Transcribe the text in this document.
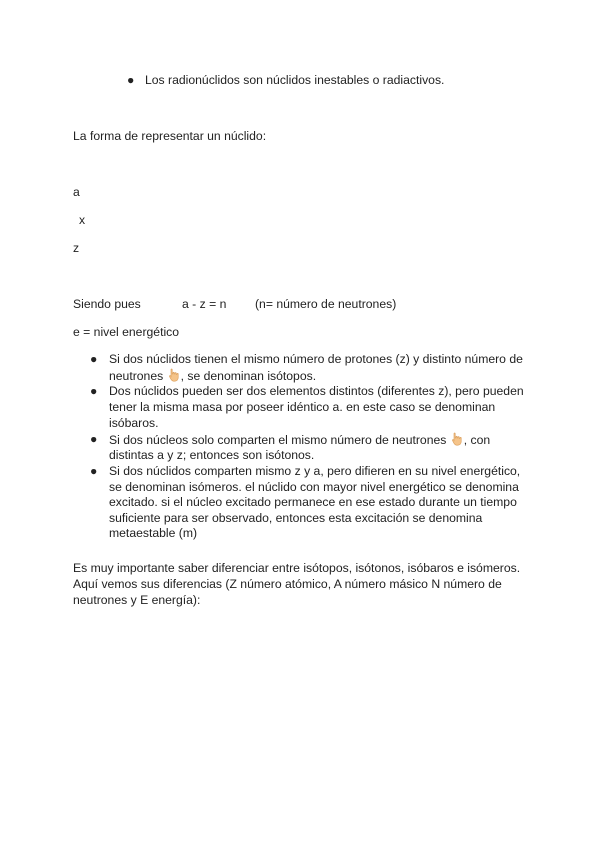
● Los radionúclidos son núclidos inestables o radiactivos.
La forma de representar un núclido:
a
x
z
Siendo pues	a - z = n (n= número de neutrones)
e = nivel energético
● Si dos núclidos tienen el mismo número de protones (z) y distinto número de neutrones , se denominan isótopos.
● Dos núclidos pueden ser dos elementos distintos (diferentes z), pero pueden tener la misma masa por poseer idéntico a. en este caso se denominan isóbaros.
● Si dos núcleos solo comparten el mismo número de neutrones , con distintas a y z; entonces son isótonos.
● Si dos núclidos comparten mismo z y a, pero difieren en su nivel energético, se denominan isómeros. el núclido con mayor nivel energético se denomina excitado. si el núcleo excitado permanece en ese estado durante un tiempo suficiente para ser observado, entonces esta excitación se denomina metaestable (m)
Es muy importante saber diferenciar entre isótopos, isótonos, isóbaros e isómeros. Aquí vemos sus diferencias (Z número atómico, A número másico N número de neutrones y E energía):
